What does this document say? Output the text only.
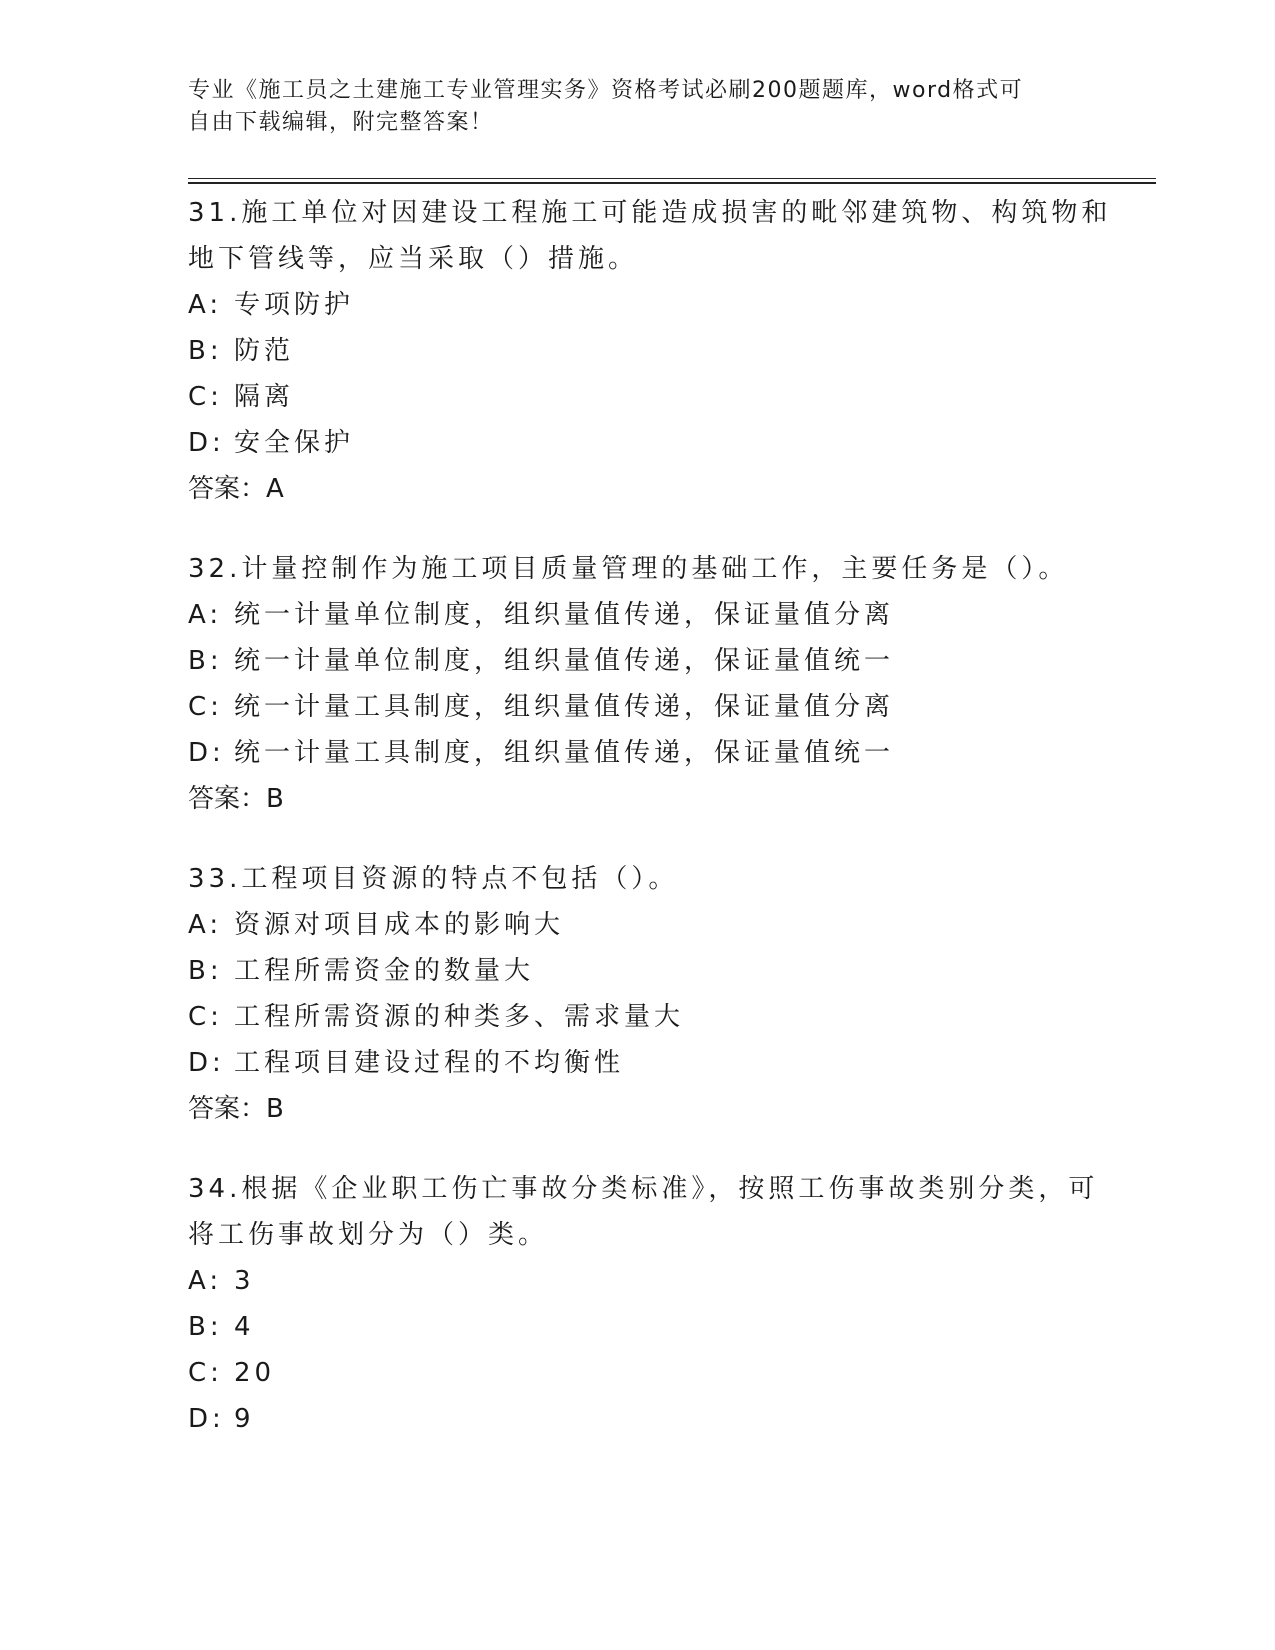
专业《施工员之土建施工专业管理实务》资格考试必刷200题题库，word格式可
自由下载编辑，附完整答案！
31.施工单位对因建设工程施工可能造成损害的毗邻建筑物、构筑物和
地下管线等，应当采取（）措施。
A: 专项防护
B: 防范
C: 隔离
D: 安全保护
答案：A
32.计量控制作为施工项目质量管理的基础工作，主要任务是（）。
A: 统一计量单位制度，组织量值传递，保证量值分离
B: 统一计量单位制度，组织量值传递，保证量值统一
C: 统一计量工具制度，组织量值传递，保证量值分离
D: 统一计量工具制度，组织量值传递，保证量值统一
答案：B
33.工程项目资源的特点不包括（）。
A: 资源对项目成本的影响大
B: 工程所需资金的数量大
C: 工程所需资源的种类多、需求量大
D: 工程项目建设过程的不均衡性
答案：B
34.根据《企业职工伤亡事故分类标准》，按照工伤事故类别分类，可
将工伤事故划分为（）类。
A: 3
B: 4
C: 20
D: 9
